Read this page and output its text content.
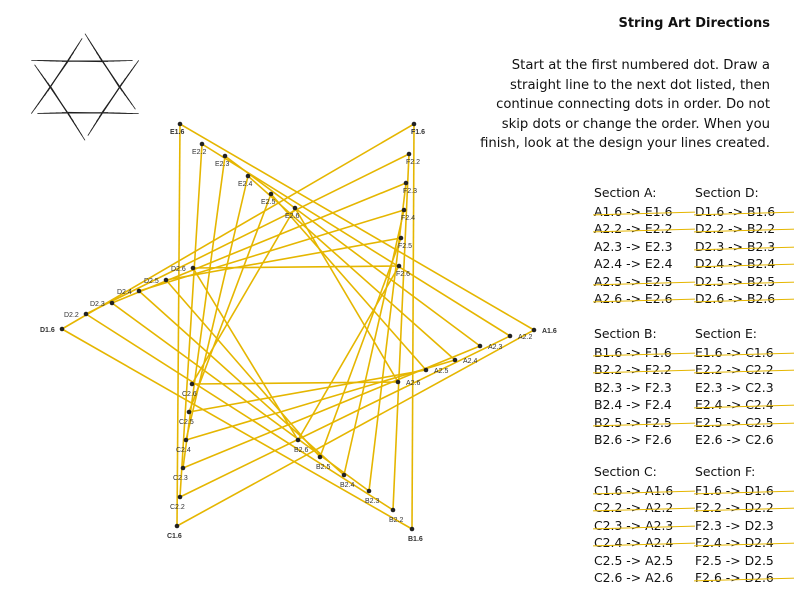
E1.6
E2.2
E2.3
E2.4
E2.5
E2.6
F1.6
F2.2
F2.3
F2.4
F2.5
F2.6
A1.6
A2.2
A2.3
A2.4
A2.5
A2.6
B1.6
B2.2
B2.3
B2.4
B2.5
B2.6
C1.6
C2.2
C2.3
C2.4
C2.5
C2.6
D1.6
D2.2
D2.3
D2.4
D2.5
D2.6
String Art Directions
Start at the first numbered dot. Draw a straight line to the next dot listed, then continue connecting dots in order. Do not skip dots or change the order. When you finish, look at the design your lines created.
Section A:
A1.6 -> E1.6
A2.2 -> E2.2
A2.3 -> E2.3
A2.4 -> E2.4
A2.5 -> E2.5
A2.6 -> E2.6
Section D:
D1.6 -> B1.6
D2.2 -> B2.2
D2.3 -> B2.3
D2.4 -> B2.4
D2.5 -> B2.5
D2.6 -> B2.6
Section B:
B1.6 -> F1.6
B2.2 -> F2.2
B2.3 -> F2.3
B2.4 -> F2.4
B2.5 -> F2.5
B2.6 -> F2.6
Section E:
E1.6 -> C1.6
E2.2 -> C2.2
E2.3 -> C2.3
E2.4 -> C2.4
E2.5 -> C2.5
E2.6 -> C2.6
Section C:
C1.6 -> A1.6
C2.2 -> A2.2
C2.3 -> A2.3
C2.4 -> A2.4
C2.5 -> A2.5
C2.6 -> A2.6
Section F:
F1.6 -> D1.6
F2.2 -> D2.2
F2.3 -> D2.3
F2.4 -> D2.4
F2.5 -> D2.5
F2.6 -> D2.6
